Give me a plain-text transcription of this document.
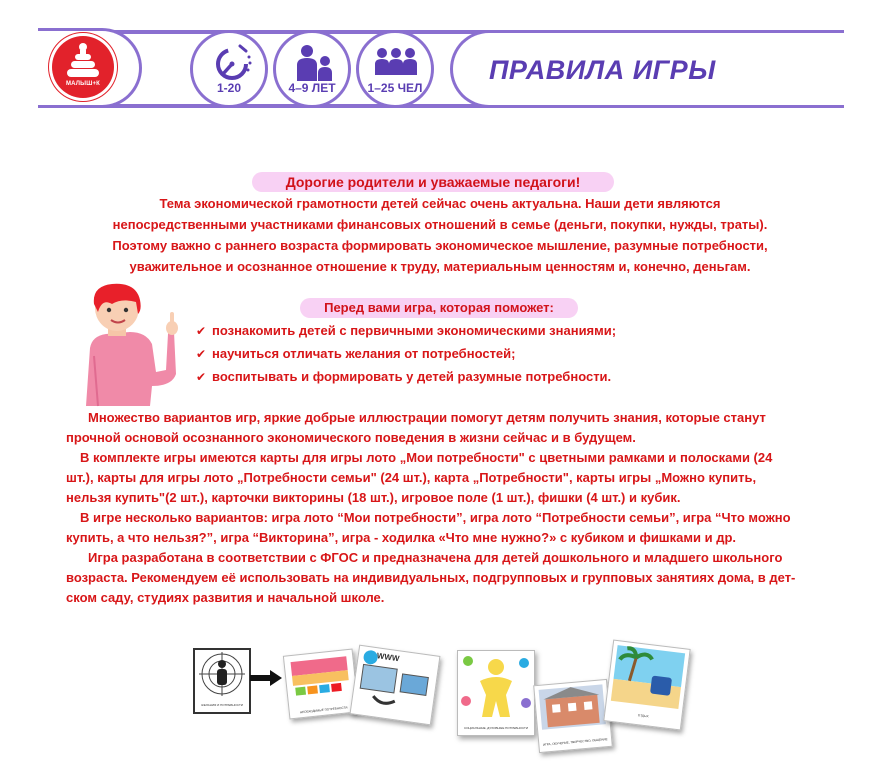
МАЛЫШ+К	1-20	4–9 ЛЕТ	1–25 ЧЕЛ
ПРАВИЛА ИГРЫ
Дорогие родители и уважаемые педагоги!
Тема экономической грамотности детей сейчас очень актуальна. Наши дети являются
непосредственными участниками финансовых отношений в семье (деньги, покупки, нужды, траты).
Поэтому важно с раннего возраста формировать экономическое мышление, разумные потребности,
уважительное и осознанное отношение к труду, материальным ценностям и, конечно, деньгам.
Перед вами игра, которая поможет:
✔ познакомить детей с первичными экономическими знаниями;
✔ научиться отличать желания от потребностей;
✔ воспитывать и формировать у детей разумные потребности.
Множество вариантов игр, яркие добрые иллюстрации помогут детям получить знания, которые станут
прочной основой осознанного экономического поведения в жизни сейчас и в будущем.
В комплекте игры имеются карты для игры лото „Мои потребности" с цветными рамками и полосками (24
шт.), карты для игры лото „Потребности семьи" (24 шт.), карта „Потребности", карты игры „Можно купить,
нельзя купить"(2 шт.), карточки викторины (18 шт.), игровое поле (1 шт.), фишки (4 шт.) и кубик.
В игре несколько вариантов: игра лото “Мои потребности”, игра лото “Потребности семьи”, игра “Что можно
купить, а что нельзя?”, игра “Викторина”, игра - ходилка «Что мне нужно?» с кубиком и фишками и др.
Игра разработана в соответствии с ФГОС и предназначена для детей дошкольного и младшего школьного
возраста. Рекомендуем её использовать на индивидуальных, подгрупповых и групповых занятиях дома, в дет-
ском саду, студиях развития и начальной школе.
ЖЕЛАНИЯ И ПОТРЕБНОСТИ
НЕОБХОДИМЫЕ ПОТРЕБНОСТИ
WWW
СОЦИАЛЬНЫЕ, ДУХОВНЫЕ ПОТРЕБНОСТИ
ИГРА, ОБУЧЕНИЕ, ТВОРЧЕСТВО, ОБЩЕНИЕ
ОТДЫХ
